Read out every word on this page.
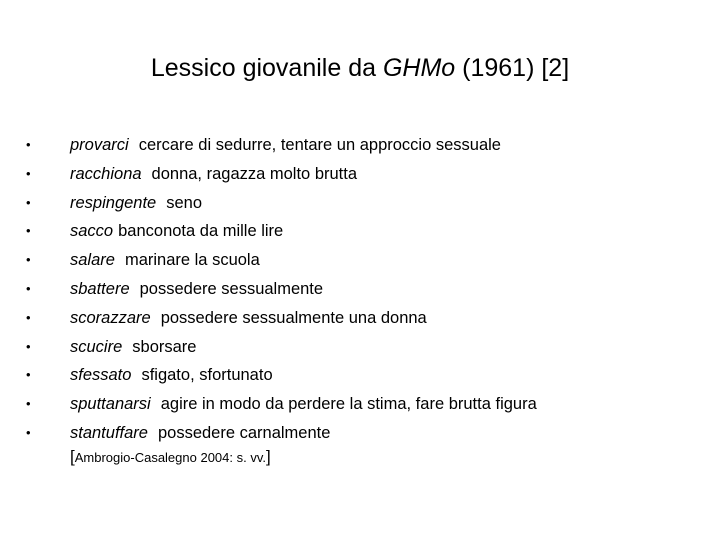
Lessico giovanile da GHMo (1961) [2]
•	provarci cercare di sedurre, tentare un approccio sessuale
•	racchiona donna, ragazza molto brutta
•	respingente seno
•	sacco banconota da mille lire
•	salare marinare la scuola
•	sbattere possedere sessualmente
•	scorazzare possedere sessualmente una donna
•	scucire sborsare
•	sfessato sfigato, sfortunato
•	sputtanarsi agire in modo da perdere la stima, fare brutta figura
•	stantuffare possedere carnalmente
[Ambrogio-Casalegno 2004: s. vv.]
